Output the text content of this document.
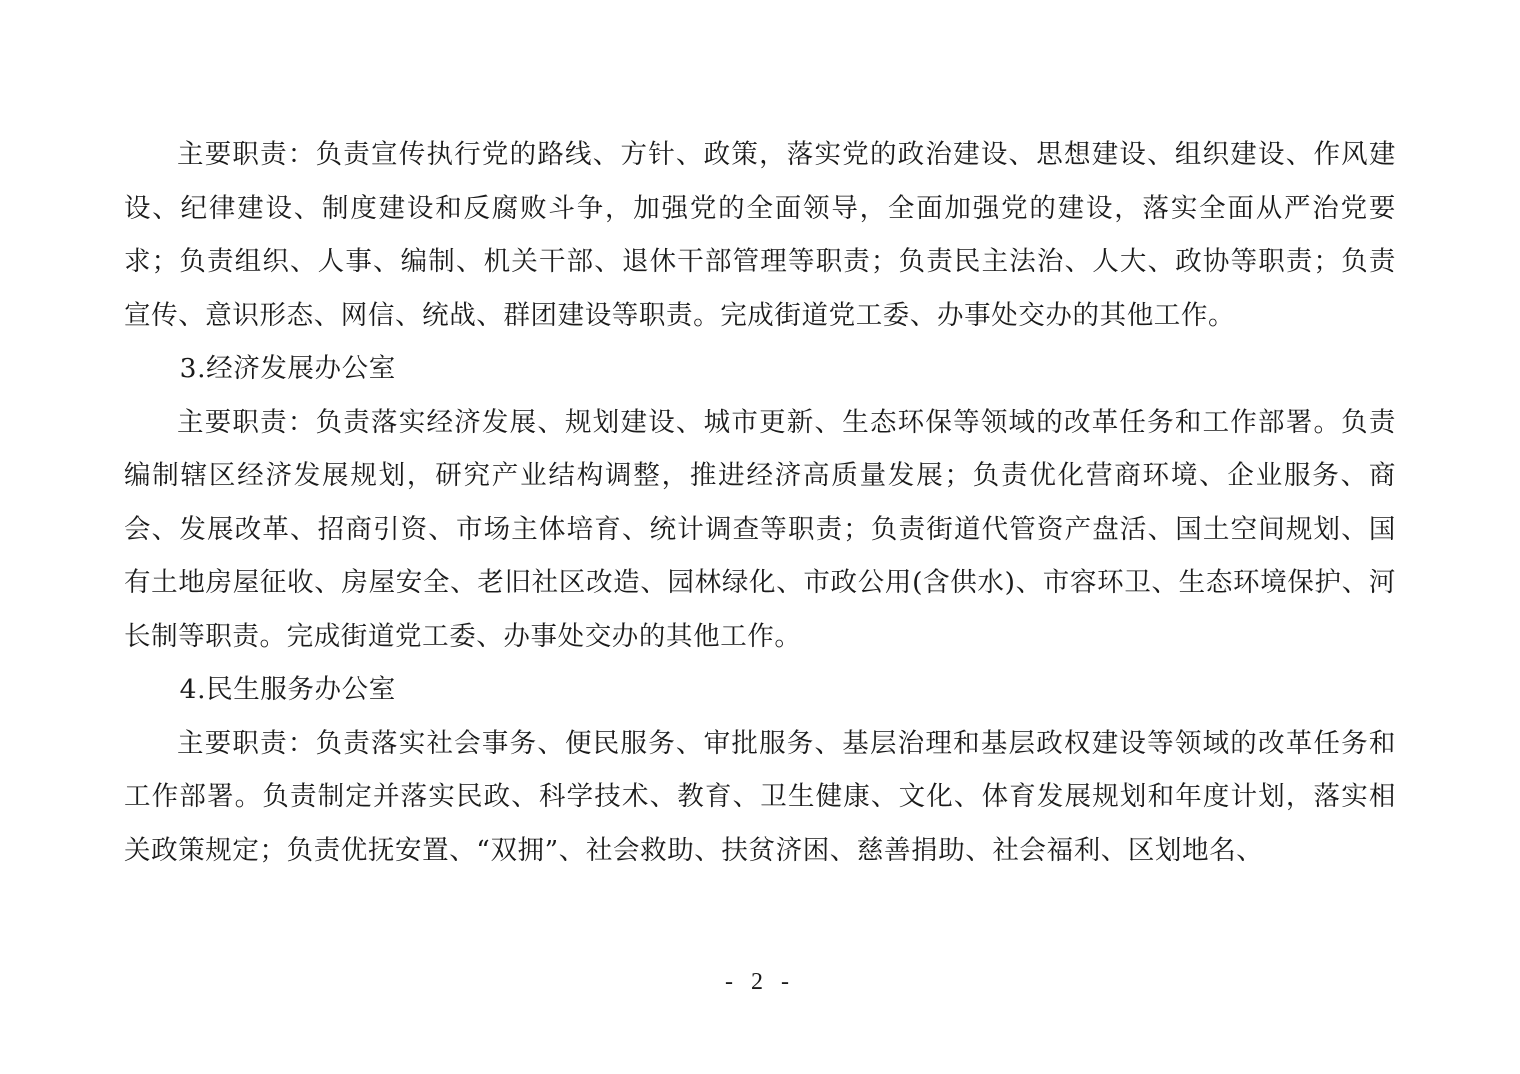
主要职责：负责宣传执行党的路线、方针、政策，落实党的政治建设、思想建设、组织建设、作风建设、纪律建设、制度建设和反腐败斗争，加强党的全面领导，全面加强党的建设，落实全面从严治党要求；负责组织、人事、编制、机关干部、退休干部管理等职责；负责民主法治、人大、政协等职责；负责宣传、意识形态、网信、统战、群团建设等职责。完成街道党工委、办事处交办的其他工作。

3.经济发展办公室

主要职责：负责落实经济发展、规划建设、城市更新、生态环保等领域的改革任务和工作部署。负责编制辖区经济发展规划，研究产业结构调整，推进经济高质量发展；负责优化营商环境、企业服务、商会、发展改革、招商引资、市场主体培育、统计调查等职责；负责街道代管资产盘活、国土空间规划、国有土地房屋征收、房屋安全、老旧社区改造、园林绿化、市政公用(含供水)、市容环卫、生态环境保护、河长制等职责。完成街道党工委、办事处交办的其他工作。

4.民生服务办公室

主要职责：负责落实社会事务、便民服务、审批服务、基层治理和基层政权建设等领域的改革任务和工作部署。负责制定并落实民政、科学技术、教育、卫生健康、文化、体育发展规划和年度计划，落实相关政策规定；负责优抚安置、“双拥”、社会救助、扶贫济困、慈善捐助、社会福利、区划地名、

- 2 -
